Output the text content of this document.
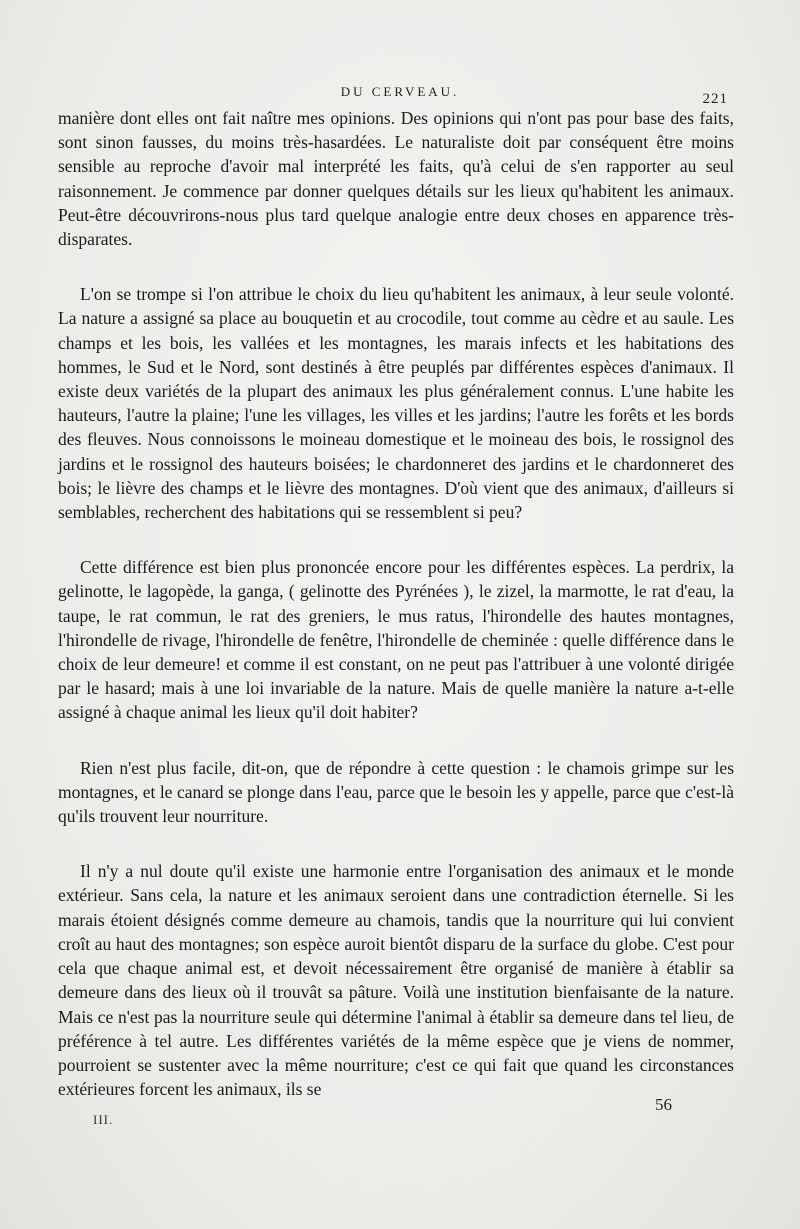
DU CERVEAU.	221

manière dont elles ont fait naître mes opinions. Des opinions qui n'ont pas pour base des faits, sont sinon fausses, du moins très-hasardées. Le naturaliste doit par conséquent être moins sensible au reproche d'avoir mal interprété les faits, qu'à celui de s'en rapporter au seul raisonnement. Je commence par donner quelques détails sur les lieux qu'habitent les animaux. Peut-être découvrirons-nous plus tard quelque analogie entre deux choses en apparence très-disparates.

L'on se trompe si l'on attribue le choix du lieu qu'habitent les animaux, à leur seule volonté. La nature a assigné sa place au bouquetin et au crocodile, tout comme au cèdre et au saule. Les champs et les bois, les vallées et les montagnes, les marais infects et les habitations des hommes, le Sud et le Nord, sont destinés à être peuplés par différentes espèces d'animaux. Il existe deux variétés de la plupart des animaux les plus généralement connus. L'une habite les hauteurs, l'autre la plaine; l'une les villages, les villes et les jardins; l'autre les forêts et les bords des fleuves. Nous connoissons le moineau domestique et le moineau des bois, le rossignol des jardins et le rossignol des hauteurs boisées; le chardonneret des jardins et le chardonneret des bois; le lièvre des champs et le lièvre des montagnes. D'où vient que des animaux, d'ailleurs si semblables, recherchent des habitations qui se ressemblent si peu?

Cette différence est bien plus prononcée encore pour les différentes espèces. La perdrix, la gelinotte, le lagopède, la ganga, ( gelinotte des Pyrénées ), le zizel, la marmotte, le rat d'eau, la taupe, le rat commun, le rat des greniers, le mus ratus, l'hirondelle des hautes montagnes, l'hirondelle de rivage, l'hirondelle de fenêtre, l'hirondelle de cheminée : quelle différence dans le choix de leur demeure! et comme il est constant, on ne peut pas l'attribuer à une volonté dirigée par le hasard; mais à une loi invariable de la nature. Mais de quelle manière la nature a-t-elle assigné à chaque animal les lieux qu'il doit habiter?

Rien n'est plus facile, dit-on, que de répondre à cette question : le chamois grimpe sur les montagnes, et le canard se plonge dans l'eau, parce que le besoin les y appelle, parce que c'est-là qu'ils trouvent leur nourriture.

Il n'y a nul doute qu'il existe une harmonie entre l'organisation des animaux et le monde extérieur. Sans cela, la nature et les animaux seroient dans une contradiction éternelle. Si les marais étoient désignés comme demeure au chamois, tandis que la nourriture qui lui convient croît au haut des montagnes; son espèce auroit bientôt disparu de la surface du globe. C'est pour cela que chaque animal est, et devoit nécessairement être organisé de manière à établir sa demeure dans des lieux où il trouvât sa pâture. Voilà une institution bienfaisante de la nature. Mais ce n'est pas la nourriture seule qui détermine l'animal à établir sa demeure dans tel lieu, de préférence à tel autre. Les différentes variétés de la même espèce que je viens de nommer, pourroient se sustenter avec la même nourriture; c'est ce qui fait que quand les circonstances extérieures forcent les animaux, ils se

III.
56
